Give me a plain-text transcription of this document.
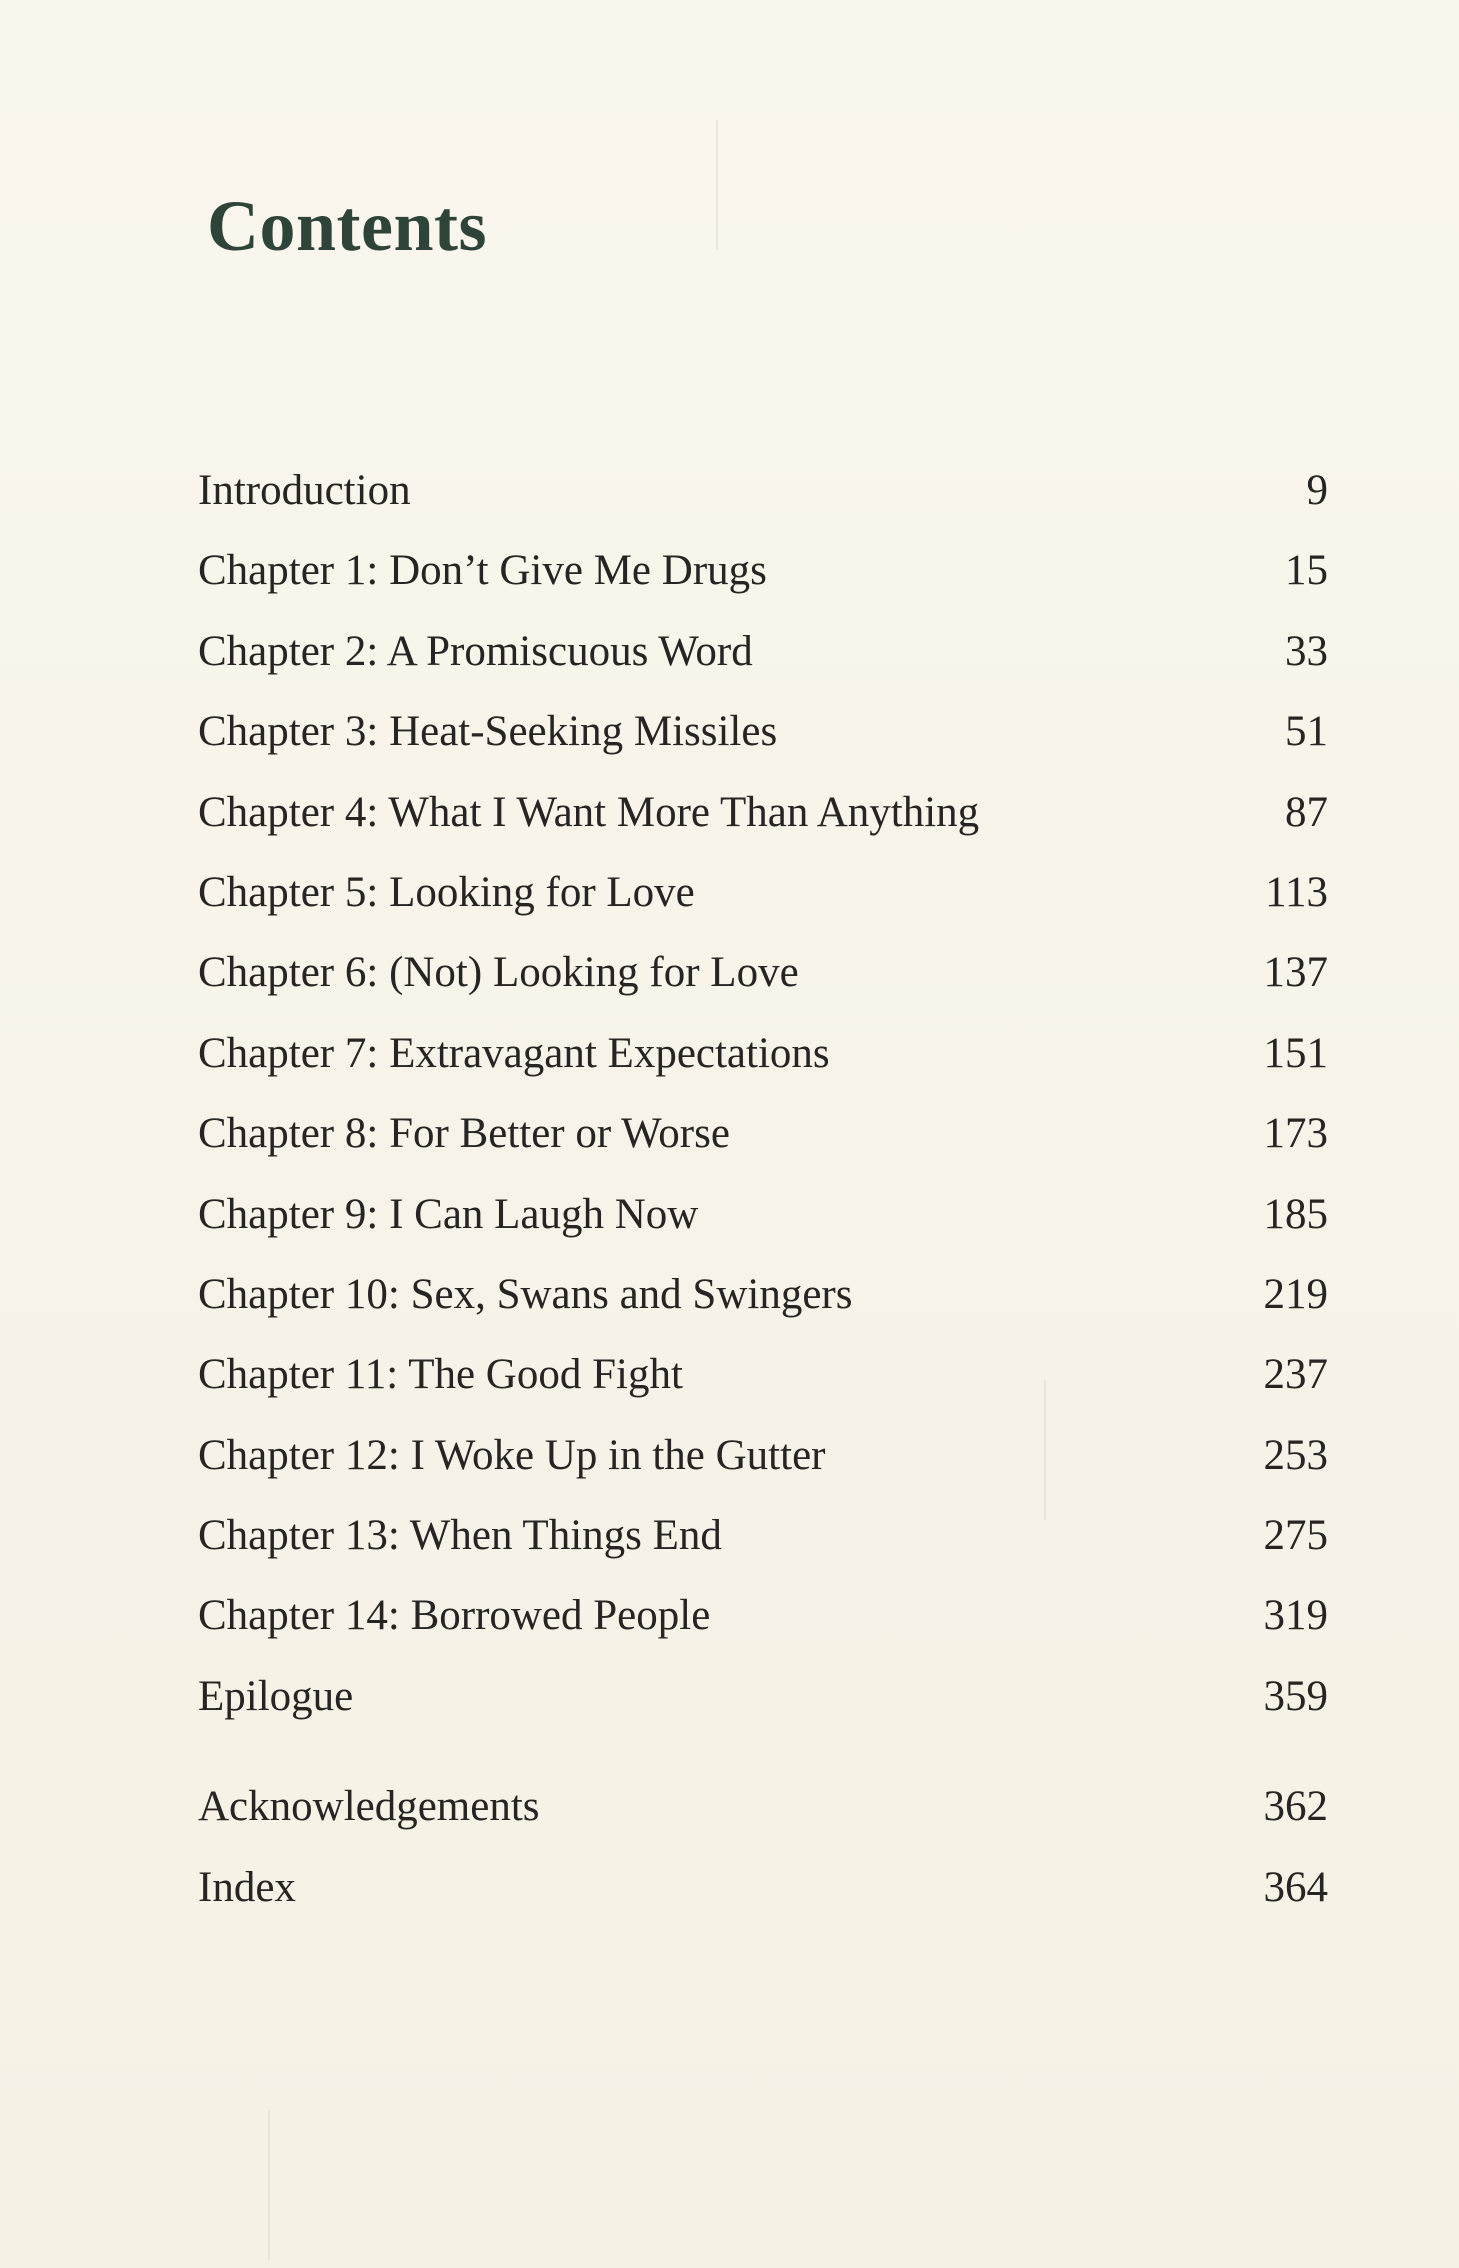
Contents
Introduction	9
Chapter 1: Don’t Give Me Drugs	15
Chapter 2: A Promiscuous Word	33
Chapter 3: Heat-Seeking Missiles	51
Chapter 4: What I Want More Than Anything	87
Chapter 5: Looking for Love	113
Chapter 6: (Not) Looking for Love	137
Chapter 7: Extravagant Expectations	151
Chapter 8: For Better or Worse	173
Chapter 9: I Can Laugh Now	185
Chapter 10: Sex, Swans and Swingers	219
Chapter 11: The Good Fight	237
Chapter 12: I Woke Up in the Gutter	253
Chapter 13: When Things End	275
Chapter 14: Borrowed People	319
Epilogue	359
Acknowledgements	362
Index	364
